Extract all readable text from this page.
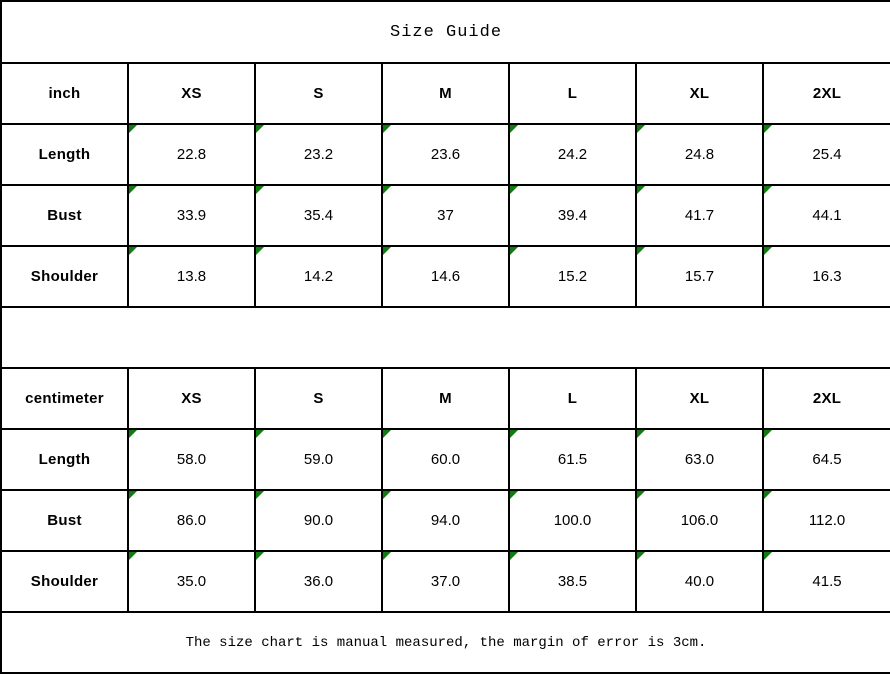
Size Guide						
inch	XS	S	M	L	XL	2XL
Length	22.8	23.2	23.6	24.2	24.8	25.4
Bust	33.9	35.4	37	39.4	41.7	44.1
Shoulder	13.8	14.2	14.6	15.2	15.7	16.3

centimeter	XS	S	M	L	XL	2XL
Length	58.0	59.0	60.0	61.5	63.0	64.5
Bust	86.0	90.0	94.0	100.0	106.0	112.0
Shoulder	35.0	36.0	37.0	38.5	40.0	41.5
The size chart is manual measured, the margin of error is 3cm.						
